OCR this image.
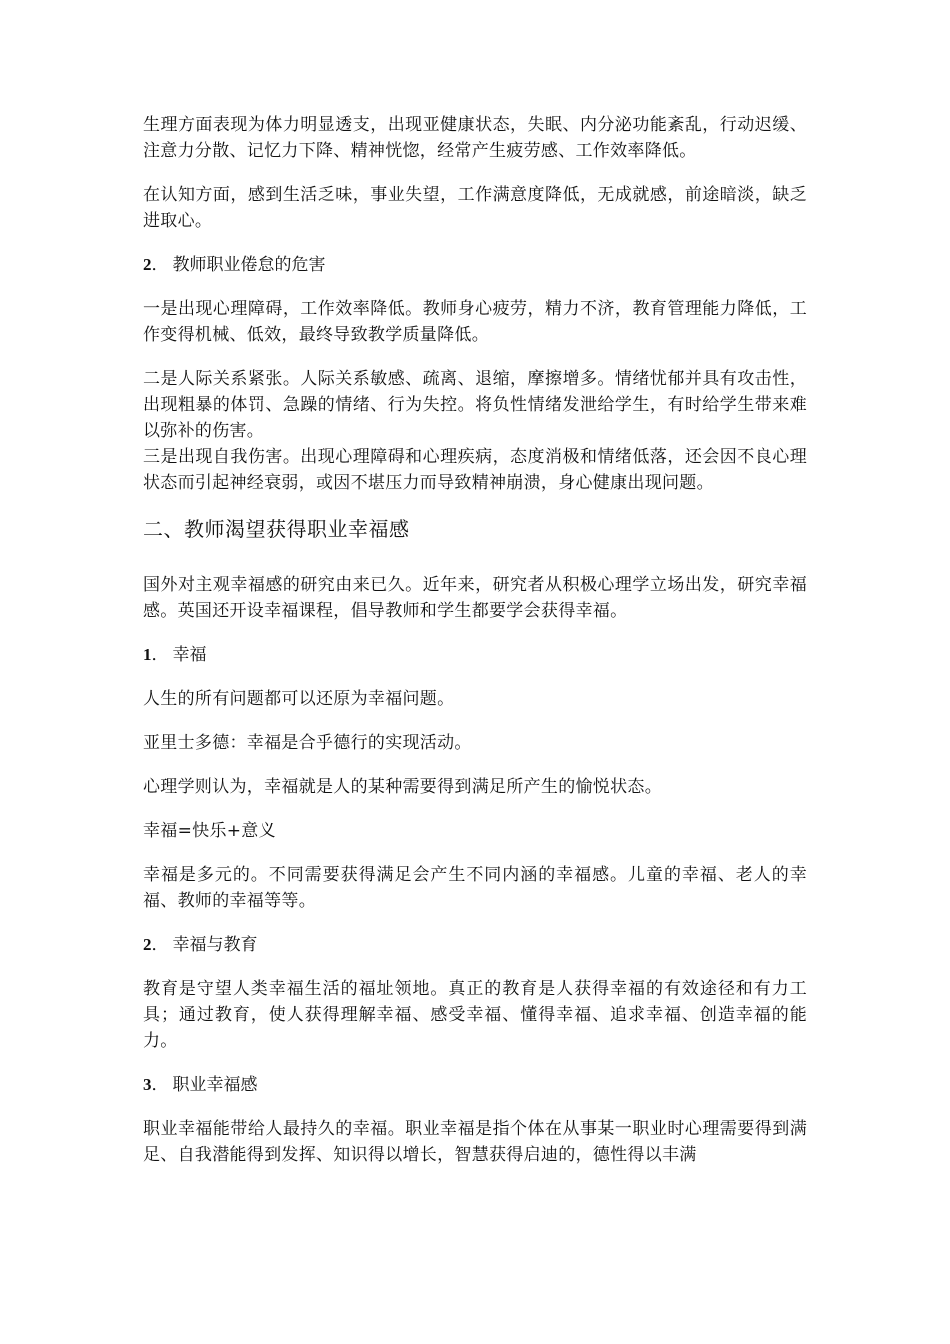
生理方面表现为体力明显透支，出现亚健康状态，失眠、内分泌功能紊乱，行动迟缓、注意力分散、记忆力下降、精神恍惚，经常产生疲劳感、工作效率降低。

在认知方面，感到生活乏味，事业失望，工作满意度降低，无成就感，前途暗淡，缺乏进取心。

2． 教师职业倦怠的危害

一是出现心理障碍，工作效率降低。教师身心疲劳，精力不济，教育管理能力降低，工作变得机械、低效，最终导致教学质量降低。

二是人际关系紧张。人际关系敏感、疏离、退缩，摩擦增多。情绪忧郁并具有攻击性，出现粗暴的体罚、急躁的情绪、行为失控。将负性情绪发泄给学生，有时给学生带来难以弥补的伤害。

三是出现自我伤害。出现心理障碍和心理疾病，态度消极和情绪低落，还会因不良心理状态而引起神经衰弱，或因不堪压力而导致精神崩溃，身心健康出现问题。

二、教师渴望获得职业幸福感

国外对主观幸福感的研究由来已久。近年来，研究者从积极心理学立场出发，研究幸福感。英国还开设幸福课程，倡导教师和学生都要学会获得幸福。

1． 幸福

人生的所有问题都可以还原为幸福问题。

亚里士多德：幸福是合乎德行的实现活动。

心理学则认为，幸福就是人的某种需要得到满足所产生的愉悦状态。

幸福=快乐+意义

幸福是多元的。不同需要获得满足会产生不同内涵的幸福感。儿童的幸福、老人的幸福、教师的幸福等等。

2． 幸福与教育

教育是守望人类幸福生活的福址领地。真正的教育是人获得幸福的有效途径和有力工具；通过教育，使人获得理解幸福、感受幸福、懂得幸福、追求幸福、创造幸福的能力。

3． 职业幸福感

职业幸福能带给人最持久的幸福。职业幸福是指个体在从事某一职业时心理需要得到满足、自我潜能得到发挥、知识得以增长，智慧获得启迪的，德性得以丰满
